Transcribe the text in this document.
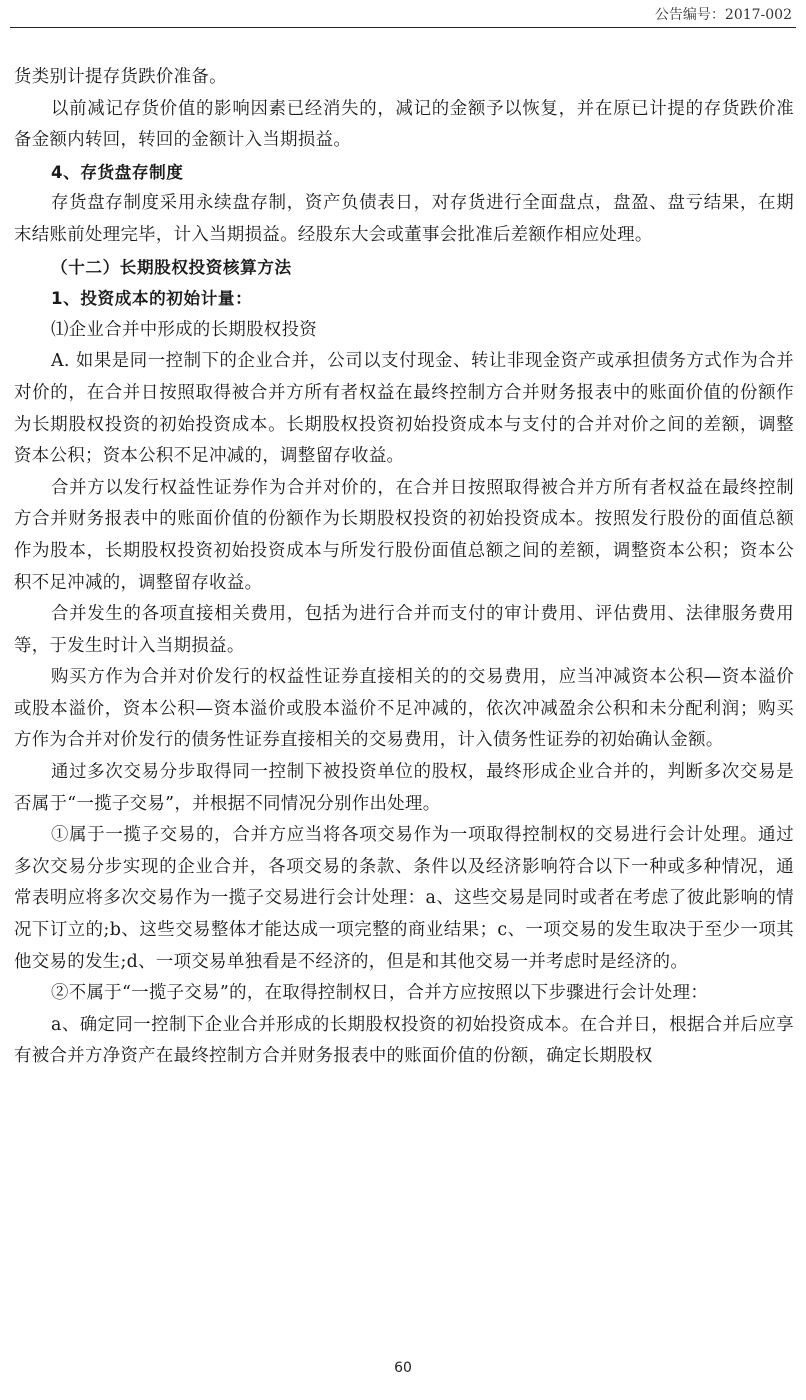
公告编号：2017-002

货类别计提存货跌价准备。

以前减记存货价值的影响因素已经消失的，减记的金额予以恢复，并在原已计提的存货跌价准备金额内转回，转回的金额计入当期损益。

4、存货盘存制度

存货盘存制度采用永续盘存制，资产负债表日，对存货进行全面盘点，盘盈、盘亏结果，在期末结账前处理完毕，计入当期损益。经股东大会或董事会批准后差额作相应处理。

（十二）长期股权投资核算方法

1、投资成本的初始计量：

⑴企业合并中形成的长期股权投资

A. 如果是同一控制下的企业合并，公司以支付现金、转让非现金资产或承担债务方式作为合并对价的，在合并日按照取得被合并方所有者权益在最终控制方合并财务报表中的账面价值的份额作为长期股权投资的初始投资成本。长期股权投资初始投资成本与支付的合并对价之间的差额，调整资本公积；资本公积不足冲减的，调整留存收益。

合并方以发行权益性证券作为合并对价的，在合并日按照取得被合并方所有者权益在最终控制方合并财务报表中的账面价值的份额作为长期股权投资的初始投资成本。按照发行股份的面值总额作为股本，长期股权投资初始投资成本与所发行股份面值总额之间的差额，调整资本公积；资本公积不足冲减的，调整留存收益。

合并发生的各项直接相关费用，包括为进行合并而支付的审计费用、评估费用、法律服务费用等，于发生时计入当期损益。

购买方作为合并对价发行的权益性证券直接相关的的交易费用，应当冲减资本公积—资本溢价或股本溢价，资本公积—资本溢价或股本溢价不足冲减的，依次冲减盈余公积和未分配利润；购买方作为合并对价发行的债务性证券直接相关的交易费用，计入债务性证券的初始确认金额。

通过多次交易分步取得同一控制下被投资单位的股权，最终形成企业合并的，判断多次交易是否属于“一揽子交易”，并根据不同情况分别作出处理。

①属于一揽子交易的，合并方应当将各项交易作为一项取得控制权的交易进行会计处理。通过多次交易分步实现的企业合并，各项交易的条款、条件以及经济影响符合以下一种或多种情况，通常表明应将多次交易作为一揽子交易进行会计处理：a、这些交易是同时或者在考虑了彼此影响的情况下订立的;b、这些交易整体才能达成一项完整的商业结果；c、一项交易的发生取决于至少一项其他交易的发生;d、一项交易单独看是不经济的，但是和其他交易一并考虑时是经济的。

②不属于“一揽子交易”的，在取得控制权日，合并方应按照以下步骤进行会计处理：

a、确定同一控制下企业合并形成的长期股权投资的初始投资成本。在合并日，根据合并后应享有被合并方净资产在最终控制方合并财务报表中的账面价值的份额，确定长期股权

60
